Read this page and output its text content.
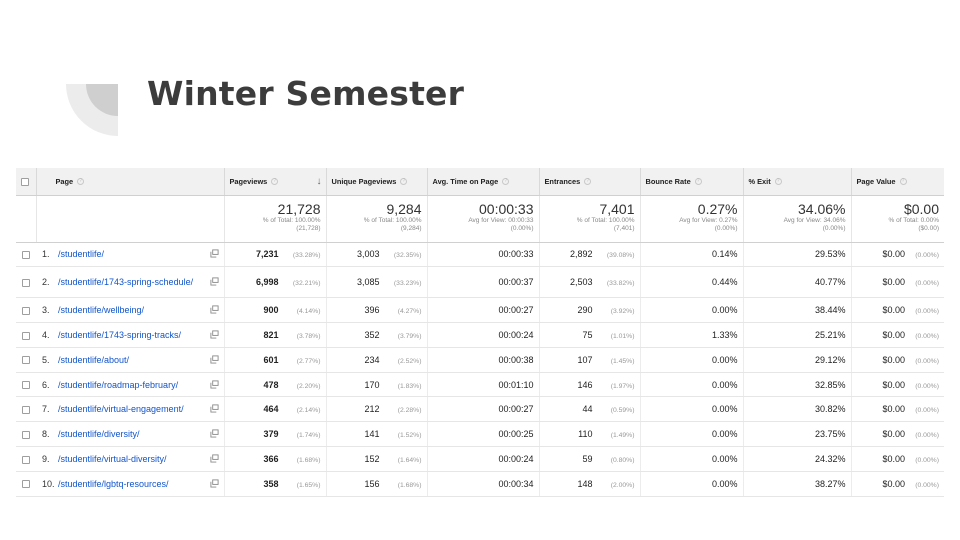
Winter Semester
	Page ?	Pageviews ? ↓	Unique Pageviews ?	Avg. Time on Page ?	Entrances ?	Bounce Rate ?	% Exit ?	Page Value ?

		21,728
% of Total: 100.00%
(21,728)	9,284
% of Total: 100.00%
(9,284)	00:00:33
Avg for View: 00:00:33
(0.00%)	7,401
% of Total: 100.00%
(7,401)	0.27%
Avg for View: 0.27%
(0.00%)	34.06%
Avg for View: 34.06%
(0.00%)	$0.00
% of Total: 0.00%
($0.00)

	1. /studentlife/	7,231 (33.28%)	3,003 (32.35%)	00:00:33	2,892 (39.08%)	0.14%	29.53%	$0.00 (0.00%)
	2. /studentlife/1743-spring-schedule/	6,998 (32.21%)	3,085 (33.23%)	00:00:37	2,503 (33.82%)	0.44%	40.77%	$0.00 (0.00%)
	3. /studentlife/wellbeing/	900 (4.14%)	396 (4.27%)	00:00:27	290 (3.92%)	0.00%	38.44%	$0.00 (0.00%)
	4. /studentlife/1743-spring-tracks/	821 (3.78%)	352 (3.79%)	00:00:24	75 (1.01%)	1.33%	25.21%	$0.00 (0.00%)
	5. /studentlife/about/	601 (2.77%)	234 (2.52%)	00:00:38	107 (1.45%)	0.00%	29.12%	$0.00 (0.00%)
	6. /studentlife/roadmap-february/	478 (2.20%)	170 (1.83%)	00:01:10	146 (1.97%)	0.00%	32.85%	$0.00 (0.00%)
	7. /studentlife/virtual-engagement/	464 (2.14%)	212 (2.28%)	00:00:27	44 (0.59%)	0.00%	30.82%	$0.00 (0.00%)
	8. /studentlife/diversity/	379 (1.74%)	141 (1.52%)	00:00:25	110 (1.49%)	0.00%	23.75%	$0.00 (0.00%)
	9. /studentlife/virtual-diversity/	366 (1.68%)	152 (1.64%)	00:00:24	59 (0.80%)	0.00%	24.32%	$0.00 (0.00%)
	10. /studentlife/lgbtq-resources/	358 (1.65%)	156 (1.68%)	00:00:34	148 (2.00%)	0.00%	38.27%	$0.00 (0.00%)
